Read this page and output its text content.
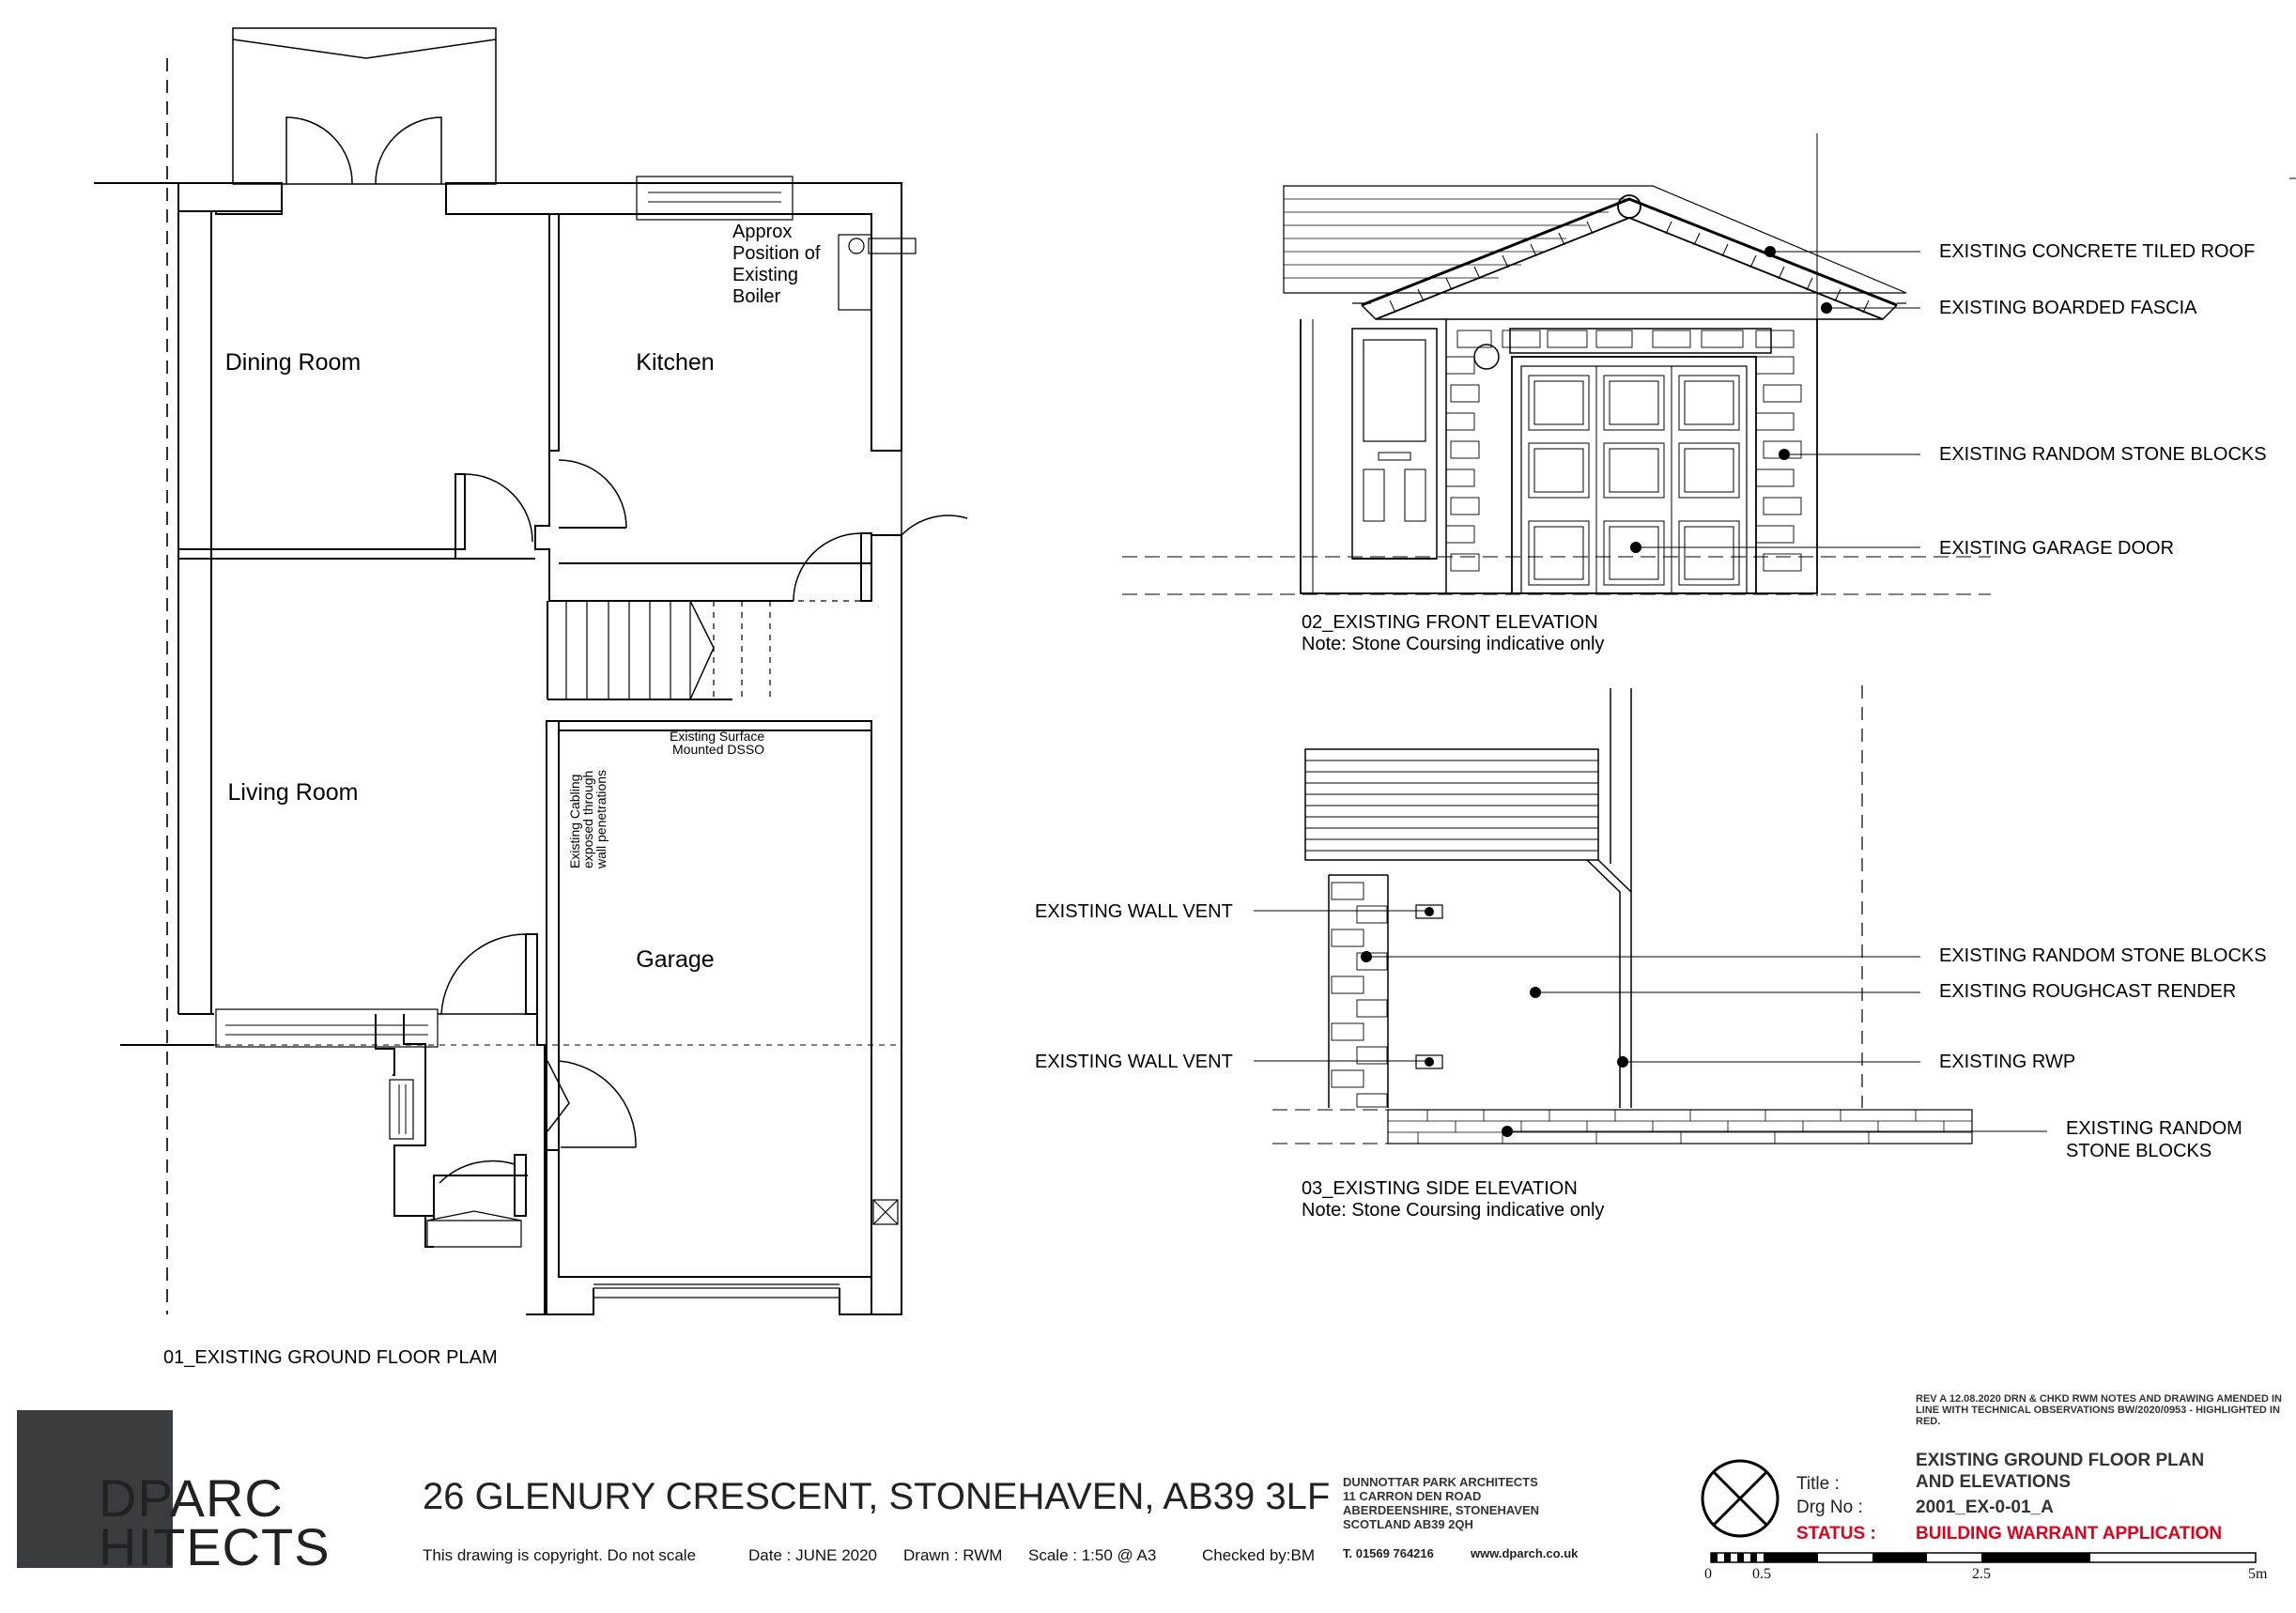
Dining Room	Kitchen
Living Room
Garage
Approx
Position of
Existing
Boiler
Existing Surface
Mounted DSSO
Existing Cabling
exposed through
wall penetrations
01_EXISTING GROUND FLOOR PLAM
EXISTING CONCRETE TILED ROOF
EXISTING BOARDED FASCIA
EXISTING RANDOM STONE BLOCKS
EXISTING GARAGE DOOR
02_EXISTING FRONT ELEVATION
Note: Stone Coursing indicative only
EXISTING WALL VENT
EXISTING WALL VENT
EXISTING RANDOM STONE BLOCKS
EXISTING ROUGHCAST RENDER
EXISTING RWP
EXISTING RANDOM
STONE BLOCKS
03_EXISTING SIDE ELEVATION
Note: Stone Coursing indicative only
DPARC
HITECTS
26 GLENURY CRESCENT, STONEHAVEN, AB39 3LF DUNNOTTAR PARK ARCHITECTS
11 CARRON DEN ROAD
ABERDEENSHIRE, STONEHAVEN
SCOTLAND AB39 2QH
This drawing is copyright. Do not scale	Date : JUNE 2020 Drawn : RWM Scale : 1:50 @ A3	Checked by:BM T. 01569 764216	www.dparch.co.uk
REV A 12.08.2020 DRN & CHKD RWM NOTES AND DRAWING AMENDED IN LINE WITH TECHNICAL OBSERVATIONS BW/2020/0953 - HIGHLIGHTED IN RED.
Title :
EXISTING GROUND FLOOR PLAN
AND ELEVATIONS
Drg No :	2001_EX-0-01_A
STATUS : BUILDING WARRANT APPLICATION
0	0.5	2.5	5m
